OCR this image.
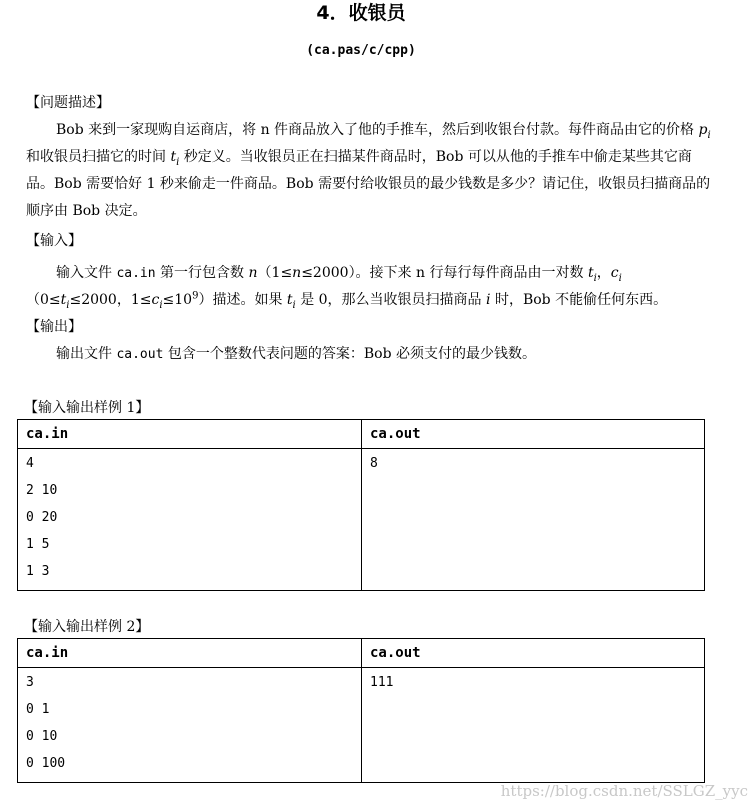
4．收银员
(ca.pas/c/cpp)
【问题描述】
Bob 来到一家现购自运商店，将 n 件商品放入了他的手推车，然后到收银台付款。每件商品由它的价格 $p_i$ 和收银员扫描它的时间 $t_i$ 秒定义。当收银员正在扫描某件商品时，Bob 可以从他的手推车中偷走某些其它商品。Bob 需要恰好 1 秒来偷走一件商品。Bob 需要付给收银员的最少钱数是多少？请记住，收银员扫描商品的顺序由 Bob 决定。
【输入】
输入文件 ca.in 第一行包含数 n（1≤n≤2000）。接下来 n 行每行每件商品由一对数 $t_i$，$c_i(0\le t_i\le 2000$，$1\le c_i\le 10^9$）描述。如果 $t_i$ 是 0，那么当收银员扫描商品 i 时，Bob 不能偷任何东西。
【输出】
输出文件 ca.out 包含一个整数代表问题的答案：Bob 必须支付的最少钱数。
【输入输出样例 1】
ca.in	ca.out

4
2 10
0 20
1 5
1 3	8
【输入输出样例 2】
ca.in	ca.out

3
0 1
0 10
0 100	111
https://blog.csdn.net/SSLGZ_yyc
